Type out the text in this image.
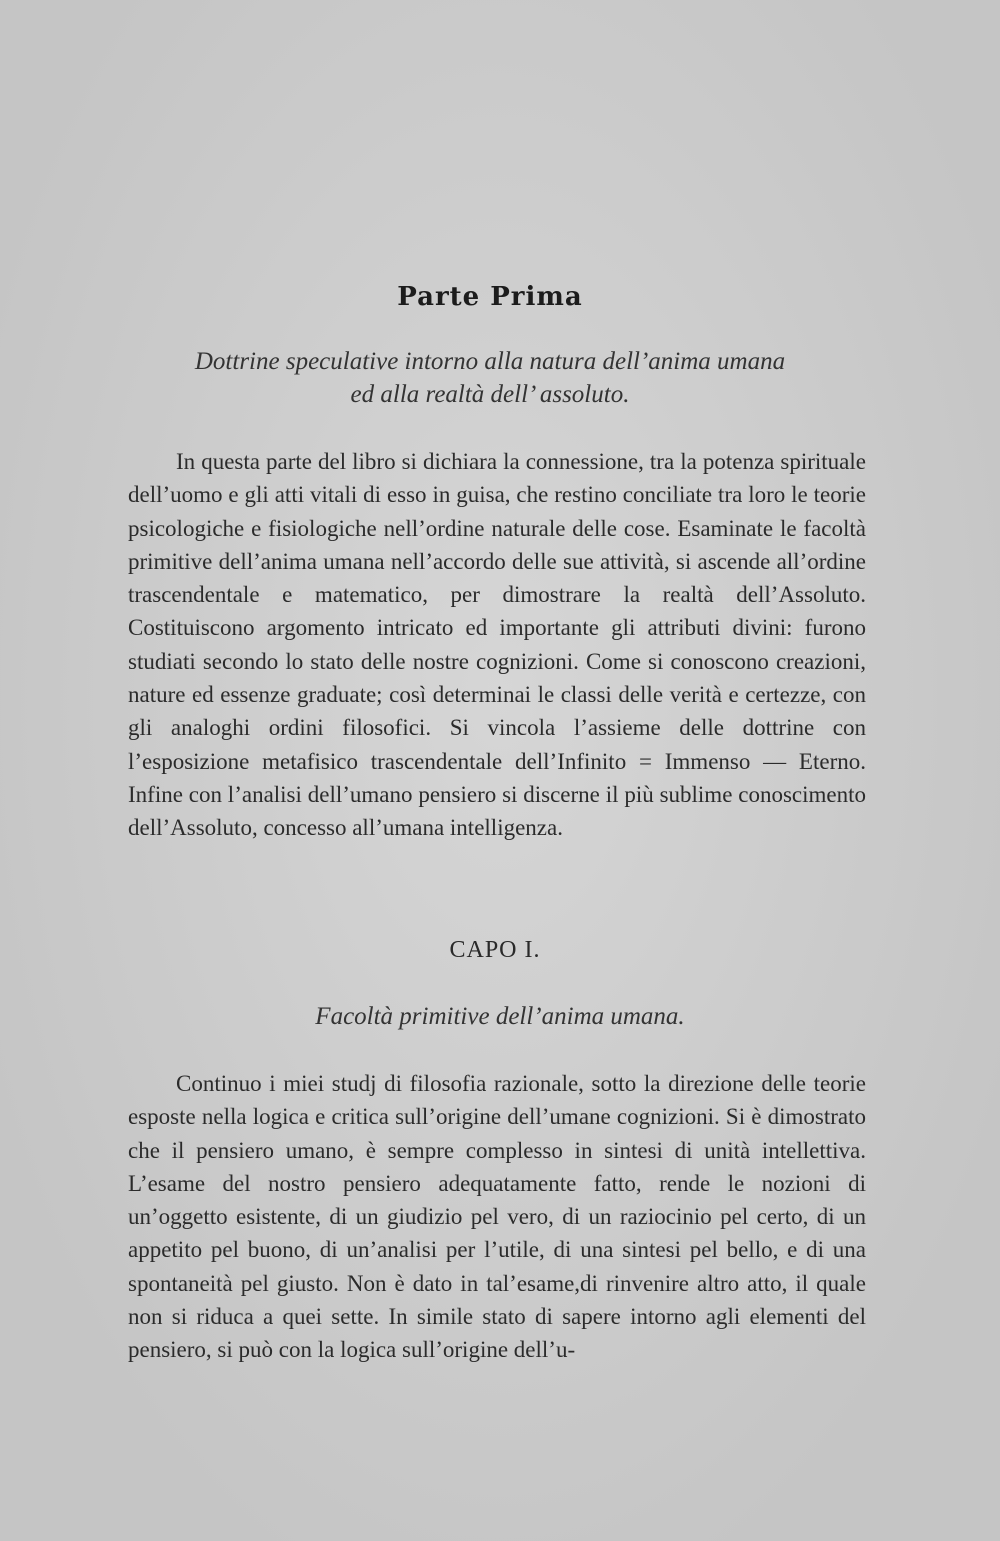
Parte Prima
Dottrine speculative intorno alla natura dell’anima umana
ed alla realtà dell’ assoluto.

In questa parte del libro si dichiara la connessione, tra la potenza spirituale dell’uomo e gli atti vitali di esso in guisa, che restino conciliate tra loro le teorie psicologiche e fisiologiche nell’ordine naturale delle cose. Esaminate le facoltà primitive dell’anima umana nell’accordo delle sue attività, si ascende all’ordine trascendentale e matematico, per dimostrare la realtà dell’Assoluto. Costituiscono argomento intricato ed importante gli attributi divini: furono studiati secondo lo stato delle nostre cognizioni. Come si conoscono creazioni, nature ed essenze graduate; così determinai le classi delle verità e certezze, con gli analoghi ordini filosofici. Si vincola l’assieme delle dottrine con l’esposizione metafisico trascendentale dell’Infinito = Immenso — Eterno. Infine con l’analisi dell’umano pensiero si discerne il più sublime conoscimento dell’Assoluto, concesso all’umana intelligenza.

CAPO I.
Facoltà primitive dell’anima umana.

Continuo i miei studj di filosofia razionale, sotto la direzione delle teorie esposte nella logica e critica sull’origine dell’umane cognizioni. Si è dimostrato che il pensiero umano, è sempre complesso in sintesi di unità intellettiva. L’esame del nostro pensiero adequatamente fatto, rende le nozioni di un’oggetto esistente, di un giudizio pel vero, di un raziocinio pel certo, di un appetito pel buono, di un’analisi per l’utile, di una sintesi pel bello, e di una spontaneità pel giusto. Non è dato in tal’esame,di rinvenire altro atto, il quale non si riduca a quei sette. In simile stato di sapere intorno agli elementi del pensiero, si può con la logica sull’origine dell’u-
